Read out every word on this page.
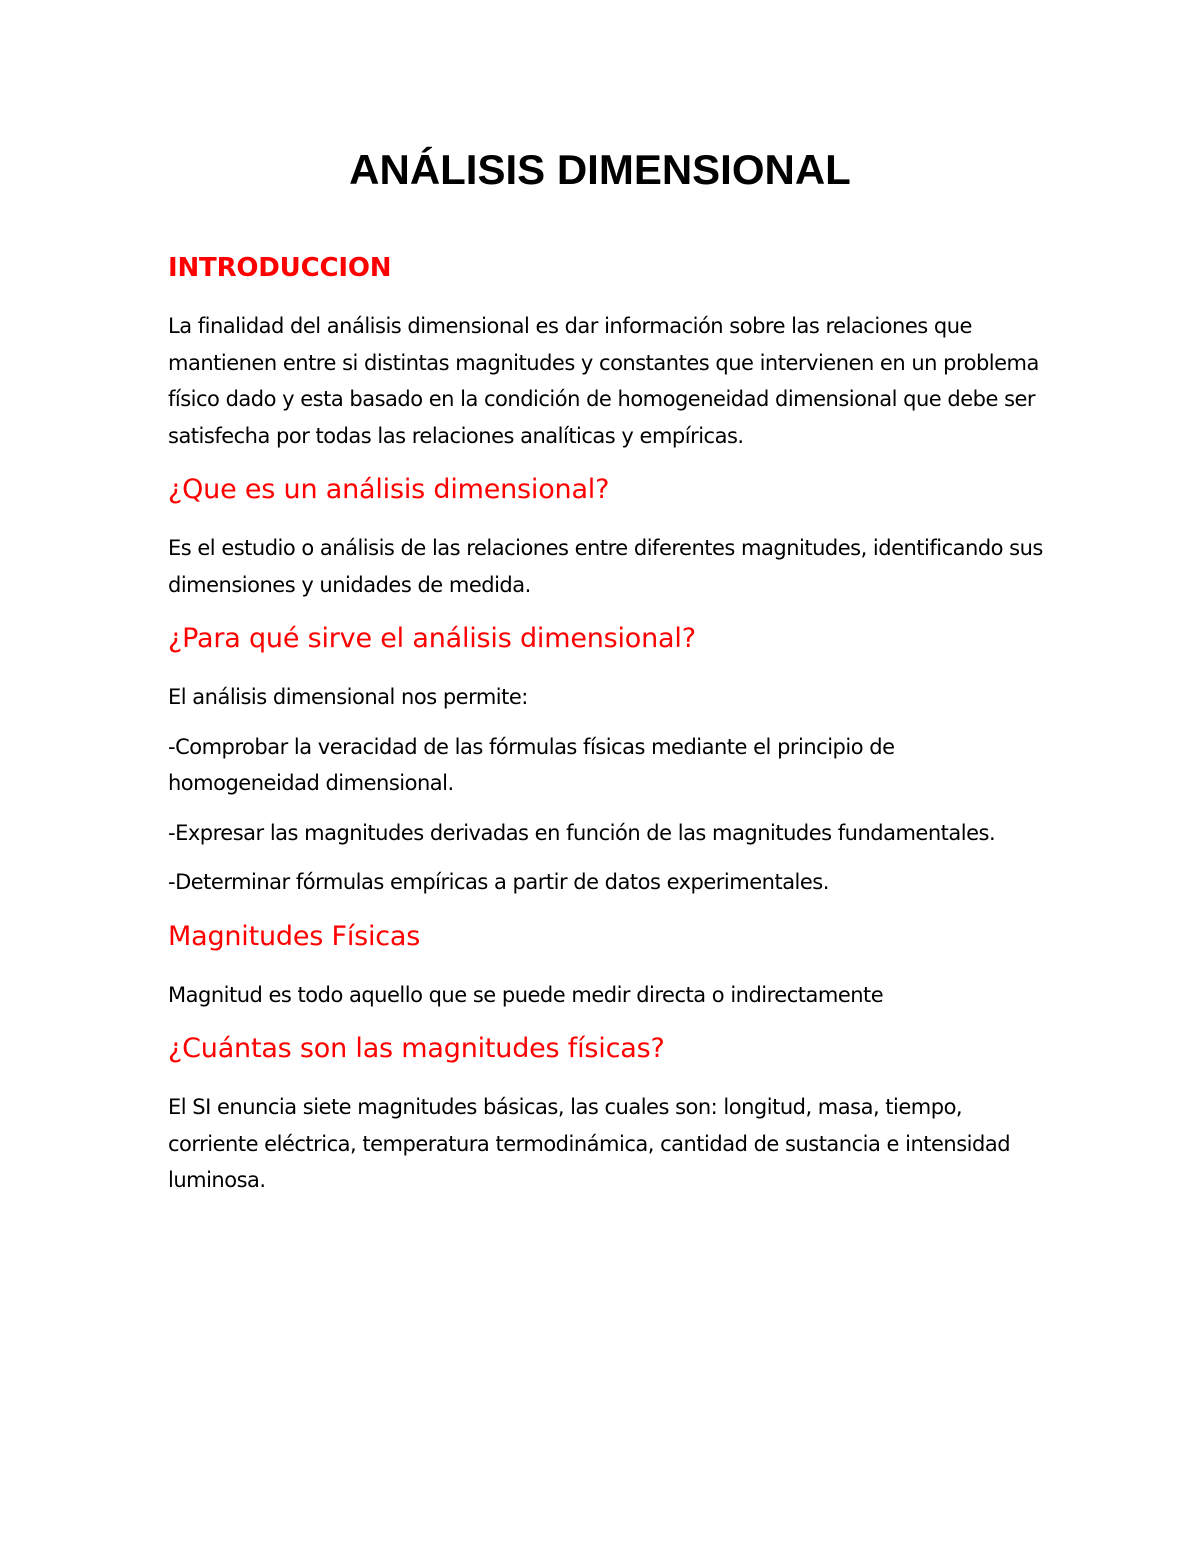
ANÁLISIS DIMENSIONAL
INTRODUCCION

La finalidad del análisis dimensional es dar información sobre las relaciones que mantienen entre si distintas magnitudes y constantes que intervienen en un problema físico dado y esta basado en la condición de homogeneidad dimensional que debe ser satisfecha por todas las relaciones analíticas y empíricas.

¿Que es un análisis dimensional?

Es el estudio o análisis de las relaciones entre diferentes magnitudes, identificando sus dimensiones y unidades de medida.

¿Para qué sirve el análisis dimensional?

El análisis dimensional nos permite:

-Comprobar la veracidad de las fórmulas físicas mediante el principio de homogeneidad dimensional.

-Expresar las magnitudes derivadas en función de las magnitudes fundamentales.

-Determinar fórmulas empíricas a partir de datos experimentales.

Magnitudes Físicas

Magnitud es todo aquello que se puede medir directa o indirectamente

¿Cuántas son las magnitudes físicas?

El SI enuncia siete magnitudes básicas, las cuales son: longitud, masa, tiempo, corriente eléctrica, temperatura termodinámica, cantidad de sustancia e intensidad luminosa.
